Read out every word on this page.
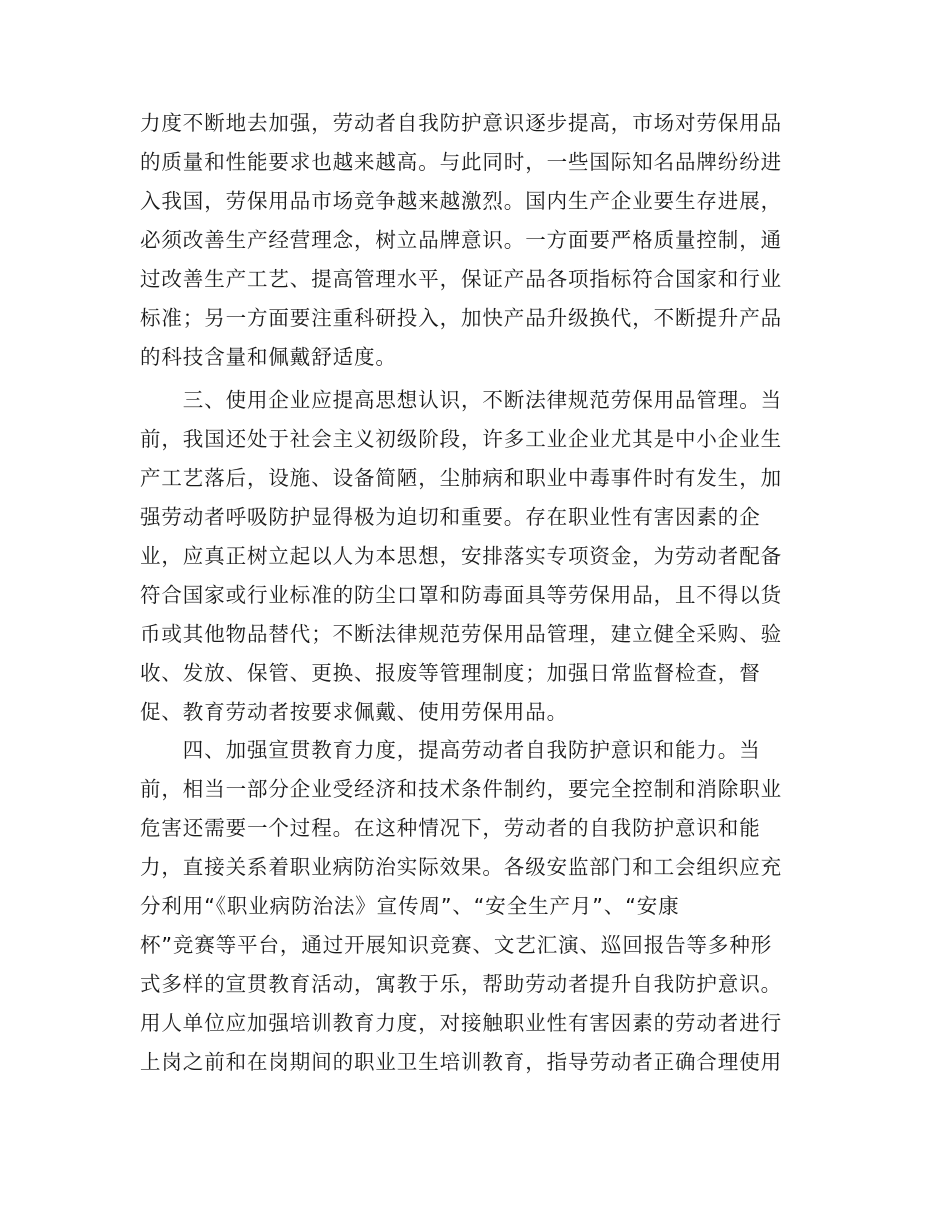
力度不断地去加强，劳动者自我防护意识逐步提高，市场对劳保用品
的质量和性能要求也越来越高。与此同时，一些国际知名品牌纷纷进
入我国，劳保用品市场竞争越来越激烈。国内生产企业要生存进展，
必须改善生产经营理念，树立品牌意识。一方面要严格质量控制，通
过改善生产工艺、提高管理水平，保证产品各项指标符合国家和行业
标准；另一方面要注重科研投入，加快产品升级换代，不断提升产品
的科技含量和佩戴舒适度。
　　三、使用企业应提高思想认识，不断法律规范劳保用品管理。当
前，我国还处于社会主义初级阶段，许多工业企业尤其是中小企业生
产工艺落后，设施、设备简陋，尘肺病和职业中毒事件时有发生，加
强劳动者呼吸防护显得极为迫切和重要。存在职业性有害因素的企
业，应真正树立起以人为本思想，安排落实专项资金，为劳动者配备
符合国家或行业标准的防尘口罩和防毒面具等劳保用品，且不得以货
币或其他物品替代；不断法律规范劳保用品管理，建立健全采购、验
收、发放、保管、更换、报废等管理制度；加强日常监督检查，督
促、教育劳动者按要求佩戴、使用劳保用品。
　　四、加强宣贯教育力度，提高劳动者自我防护意识和能力。当
前，相当一部分企业受经济和技术条件制约，要完全控制和消除职业
危害还需要一个过程。在这种情况下，劳动者的自我防护意识和能
力，直接关系着职业病防治实际效果。各级安监部门和工会组织应充
分利用“《职业病防治法》宣传周”、“安全生产月”、“安康
杯”竞赛等平台，通过开展知识竞赛、文艺汇演、巡回报告等多种形
式多样的宣贯教育活动，寓教于乐，帮助劳动者提升自我防护意识。
用人单位应加强培训教育力度，对接触职业性有害因素的劳动者进行
上岗之前和在岗期间的职业卫生培训教育，指导劳动者正确合理使用
